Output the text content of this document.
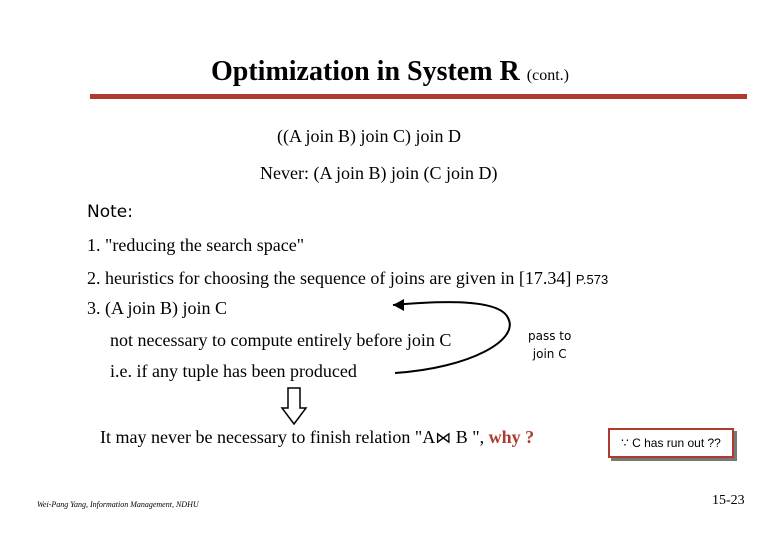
Optimization in System R (cont.)
((A join B) join C) join D
Never: (A join B) join (C join D)
Note:
1. "reducing the search space"
2. heuristics for choosing the sequence of joins are given in [17.34] P.573
3. (A join B) join C
not necessary to compute entirely before join C
i.e. if any tuple has been produced
pass to
join C
It may never be necessary to finish relation "A⋈ B ", why ?	∵ C has run out ??
Wei-Pang Yang, Information Management, NDHU	15-23
